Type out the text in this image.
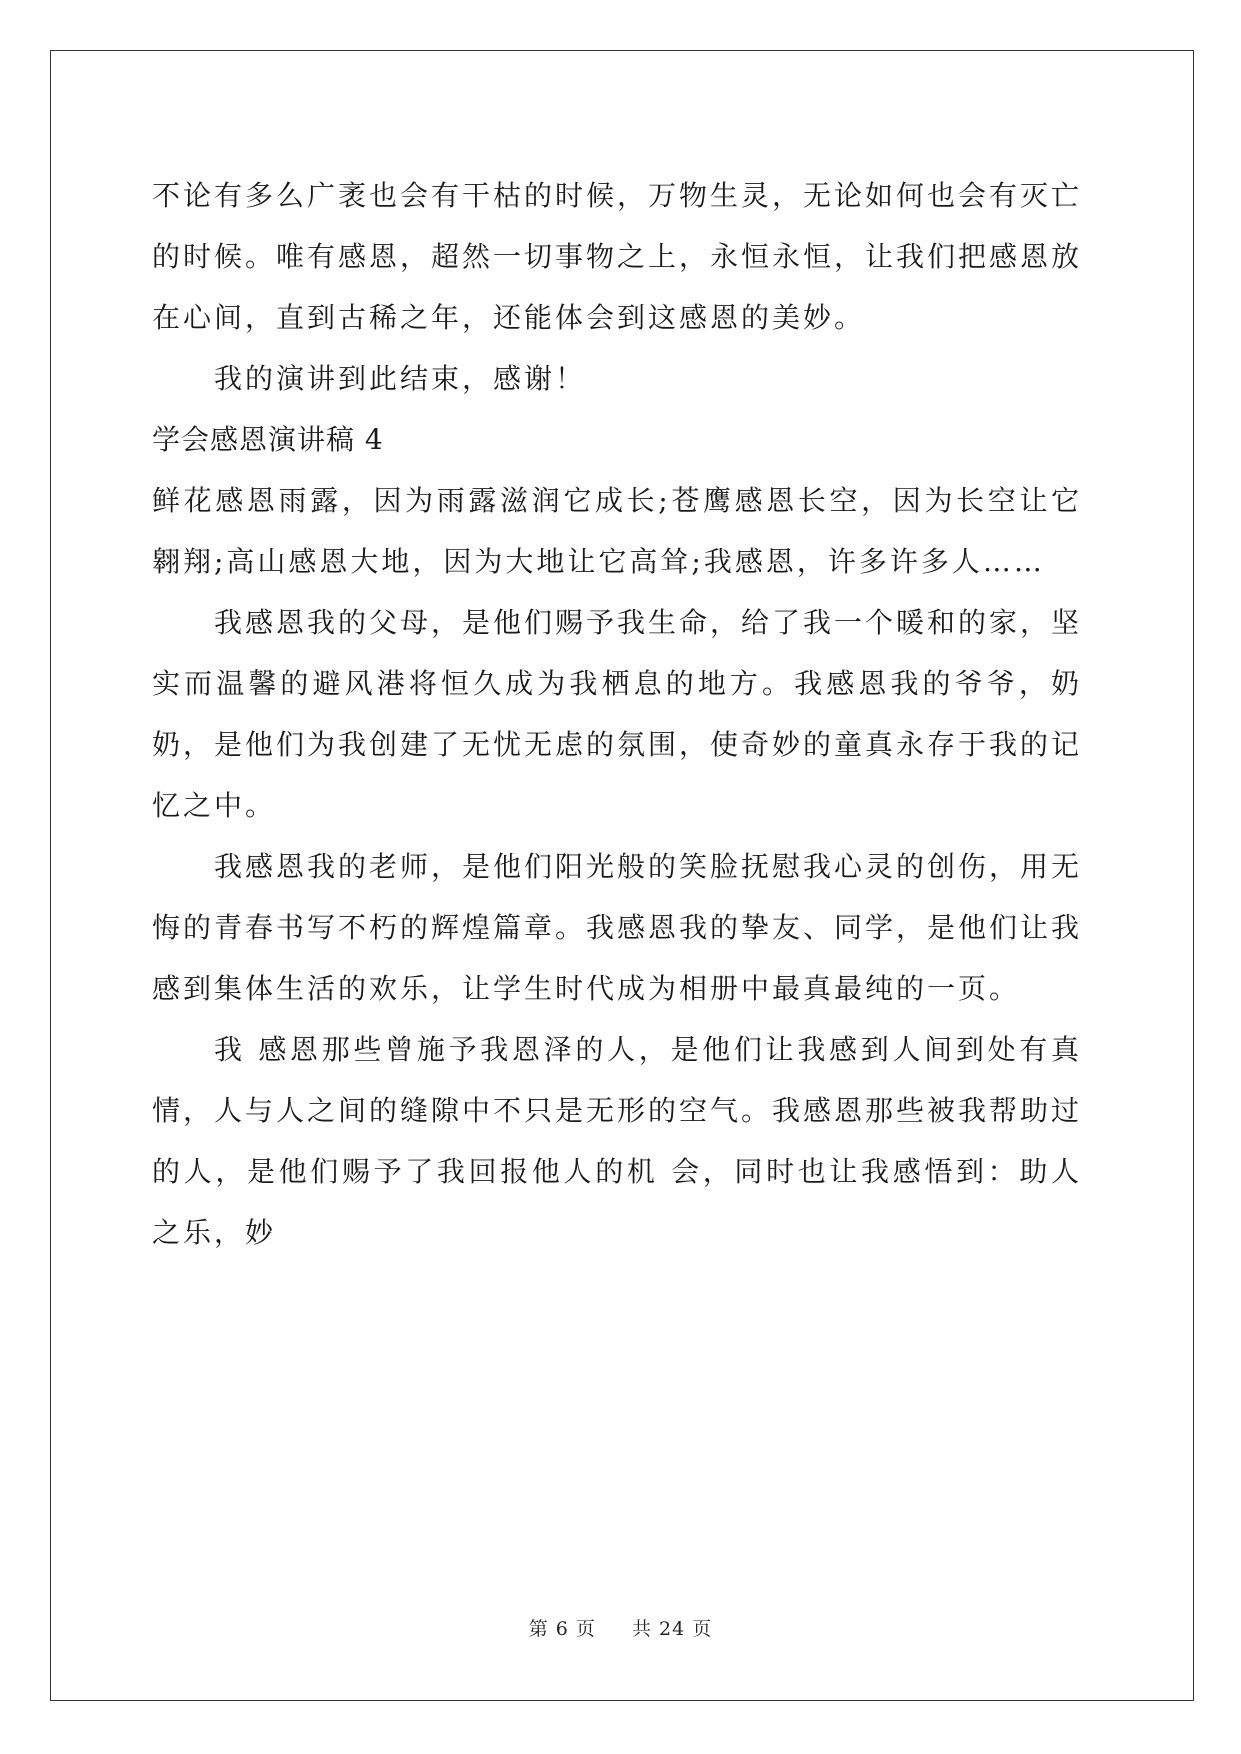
不论有多么广袤也会有干枯的时候，万物生灵，无论如何也会有灭亡的时候。唯有感恩，超然一切事物之上，永恒永恒，让我们把感恩放在心间，直到古稀之年，还能体会到这感恩的美妙。

我的演讲到此结束，感谢！

学会感恩演讲稿 4

鲜花感恩雨露，因为雨露滋润它成长;苍鹰感恩长空，因为长空让它翱翔;高山感恩大地，因为大地让它高耸;我感恩，许多许多人……

我感恩我的父母，是他们赐予我生命，给了我一个暖和的家，坚实而温馨的避风港将恒久成为我栖息的地方。我感恩我的爷爷，奶奶，是他们为我创建了无忧无虑的氛围，使奇妙的童真永存于我的记忆之中。

我感恩我的老师，是他们阳光般的笑脸抚慰我心灵的创伤，用无悔的青春书写不朽的辉煌篇章。我感恩我的挚友、同学，是他们让我感到集体生活的欢乐，让学生时代成为相册中最真最纯的一页。

我 感恩那些曾施予我恩泽的人，是他们让我感到人间到处有真情，人与人之间的缝隙中不只是无形的空气。我感恩那些被我帮助过的人，是他们赐予了我回报他人的机 会，同时也让我感悟到：助人之乐，妙

第 6 页 共 24 页
